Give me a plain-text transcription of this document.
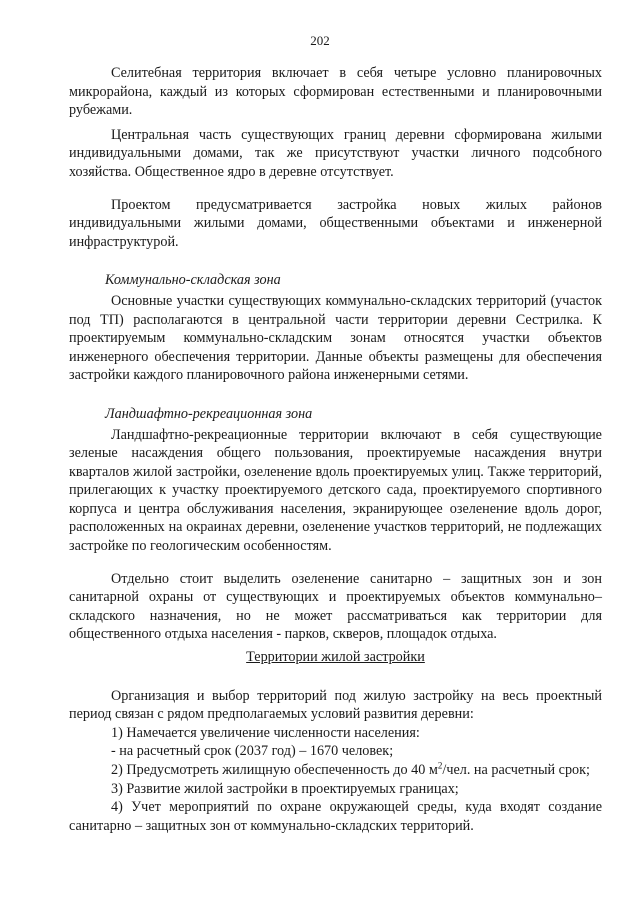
202

Селитебная территория включает в себя четыре условно планировочных микрорайона, каждый из которых сформирован естественными и планировочными рубежами.

Центральная часть существующих границ деревни сформирована жилыми индивидуальными домами, так же присутствуют участки личного подсобного хозяйства. Общественное ядро в деревне отсутствует.

Проектом предусматривается застройка новых жилых районов индивидуальными жилыми домами, общественными объектами и инженерной инфраструктурой.

Коммунально-складская зона

Основные участки существующих коммунально-складских территорий (участок под ТП) располагаются в центральной части территории деревни Сестрилка. К проектируемым коммунально-складским зонам относятся участки объектов инженерного обеспечения территории. Данные объекты размещены для обеспечения застройки каждого планировочного района инженерными сетями.

Ландшафтно-рекреационная зона

Ландшафтно-рекреационные территории включают в себя существующие зеленые насаждения общего пользования, проектируемые насаждения внутри кварталов жилой застройки, озеленение вдоль проектируемых улиц. Также территорий, прилегающих к участку проектируемого детского сада, проектируемого спортивного корпуса и центра обслуживания населения, экранирующее озеленение вдоль дорог, расположенных на окраинах деревни, озеленение участков территорий, не подлежащих застройке по геологическим особенностям.

Отдельно стоит выделить озеленение санитарно – защитных зон и зон санитарной охраны от существующих и проектируемых объектов коммунально–складского назначения, но не может рассматриваться как территории для общественного отдыха населения - парков, скверов, площадок отдыха.

Территории жилой застройки

Организация и выбор территорий под жилую застройку на весь проектный период связан с рядом предполагаемых условий развития деревни:

1) Намечается увеличение численности населения:

- на расчетный срок (2037 год) – 1670 человек;

2) Предусмотреть жилищную обеспеченность до 40 $м^2$/чел. на расчетный срок;

3) Развитие жилой застройки в проектируемых границах;

4) Учет мероприятий по охране окружающей среды, куда входят создание санитарно – защитных зон от коммунально-складских территорий.
